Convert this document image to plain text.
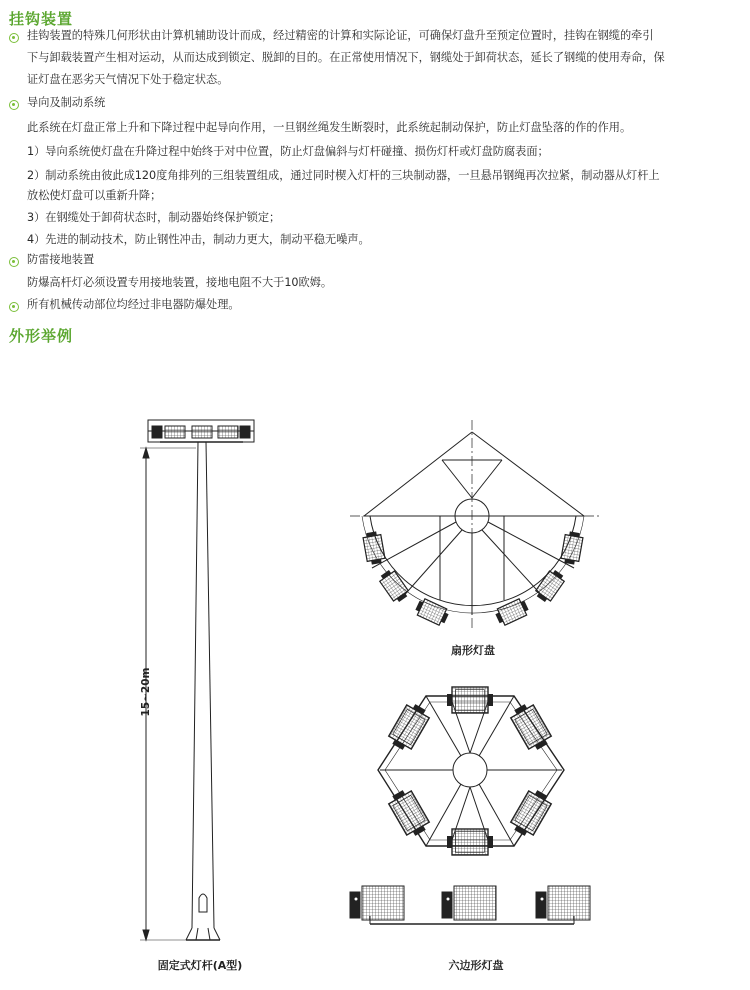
挂钩装置
挂钩装置的特殊几何形状由计算机辅助设计而成，经过精密的计算和实际论证，可确保灯盘升至预定位置时，挂钩在钢缆的牵引
下与卸载装置产生相对运动，从而达成到锁定、脱卸的目的。在正常使用情况下，钢缆处于卸荷状态，延长了钢缆的使用寿命，保
证灯盘在恶劣天气情况下处于稳定状态。
导向及制动系统
此系统在灯盘正常上升和下降过程中起导向作用，一旦钢丝绳发生断裂时，此系统起制动保护，防止灯盘坠落的作的作用。
1）导向系统使灯盘在升降过程中始终于对中位置，防止灯盘偏斜与灯杆碰撞、损伤灯杆或灯盘防腐表面；
2）制动系统由彼此成120度角排列的三组装置组成，通过同时楔入灯杆的三块制动器，一旦悬吊钢绳再次拉紧，制动器从灯杆上
放松使灯盘可以重新升降；
3）在钢缆处于卸荷状态时，制动器始终保护锁定；
4）先进的制动技术，防止钢性冲击，制动力更大，制动平稳无噪声。
防雷接地装置
防爆高杆灯必须设置专用接地装置，接地电阻不大于10欧姆。
所有机械传动部位均经过非电器防爆处理。
外形举例
15~20m
扇形灯盘
固定式灯杆(A型)	六边形灯盘
